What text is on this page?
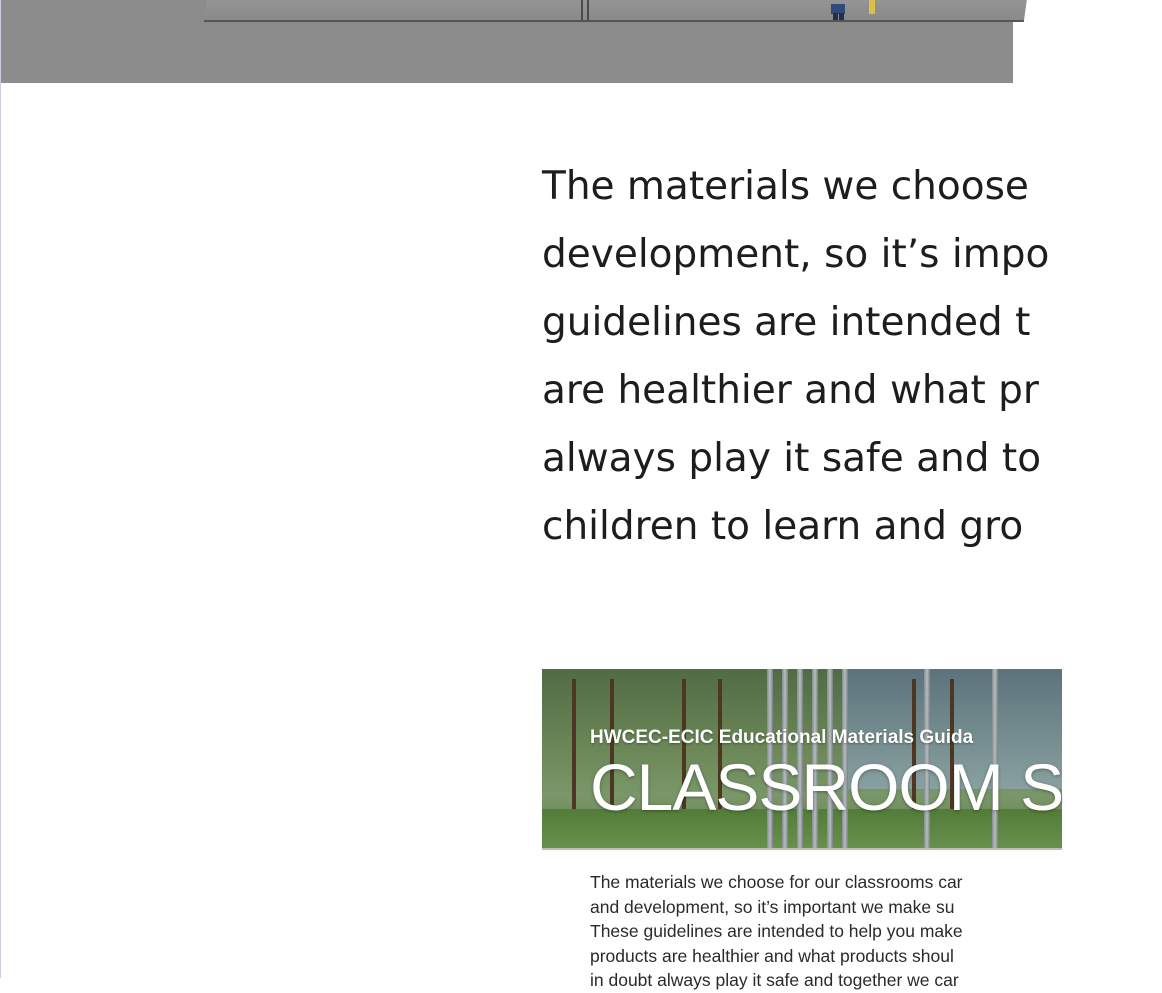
The materials we choose
development, so it’s impo
guidelines are intended t
are healthier and what pr
always play it safe and to
children to learn and gro

HWCEC-ECIC Educational Materials Guida
CLASSROOM S
The materials we choose for our classrooms car
and development, so it’s important we make su
These guidelines are intended to help you make
products are healthier and what products shoul
in doubt always play it safe and together we car
